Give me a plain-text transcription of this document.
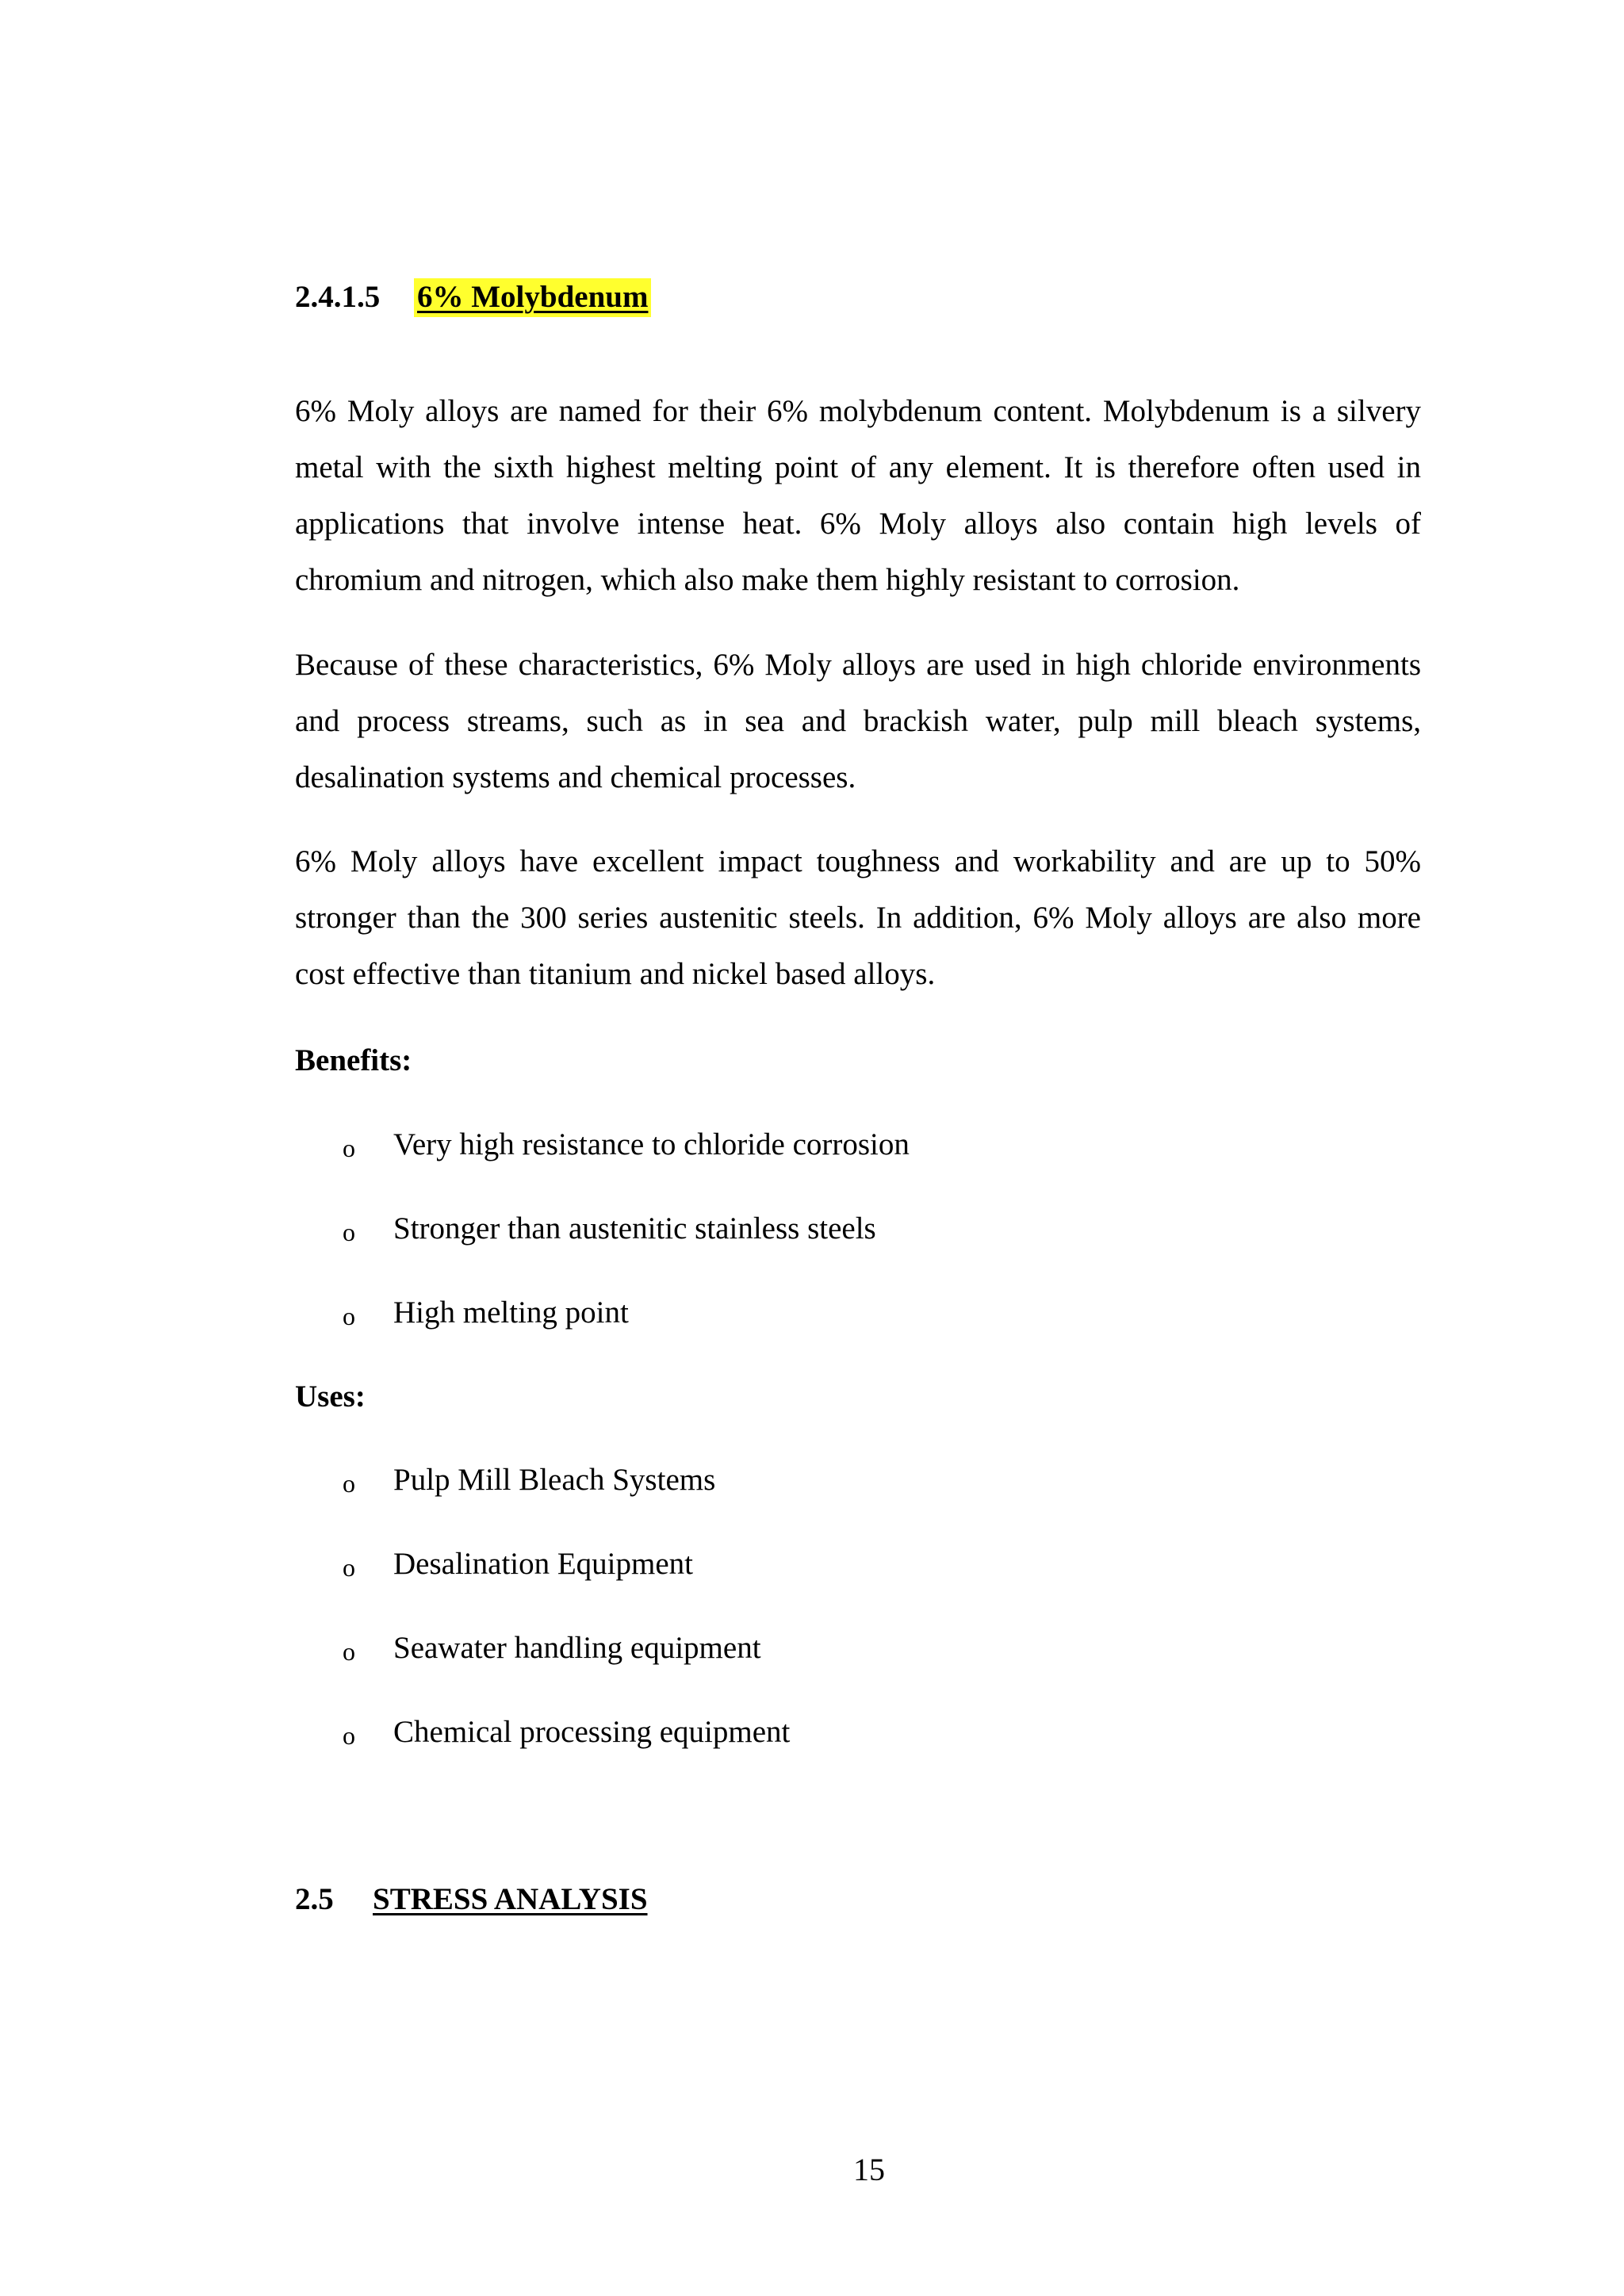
2.4.1.5 6% Molybdenum

6% Moly alloys are named for their 6% molybdenum content. Molybdenum is a silvery metal with the sixth highest melting point of any element. It is therefore often used in applications that involve intense heat. 6% Moly alloys also contain high levels of chromium and nitrogen, which also make them highly resistant to corrosion.

Because of these characteristics, 6% Moly alloys are used in high chloride environments and process streams, such as in sea and brackish water, pulp mill bleach systems, desalination systems and chemical processes.

6% Moly alloys have excellent impact toughness and workability and are up to 50% stronger than the 300 series austenitic steels. In addition, 6% Moly alloys are also more cost effective than titanium and nickel based alloys.

Benefits:
o Very high resistance to chloride corrosion
o Stronger than austenitic stainless steels
o High melting point
Uses:
o Pulp Mill Bleach Systems
o Desalination Equipment
o Seawater handling equipment
o Chemical processing equipment
2.5 STRESS ANALYSIS
15
